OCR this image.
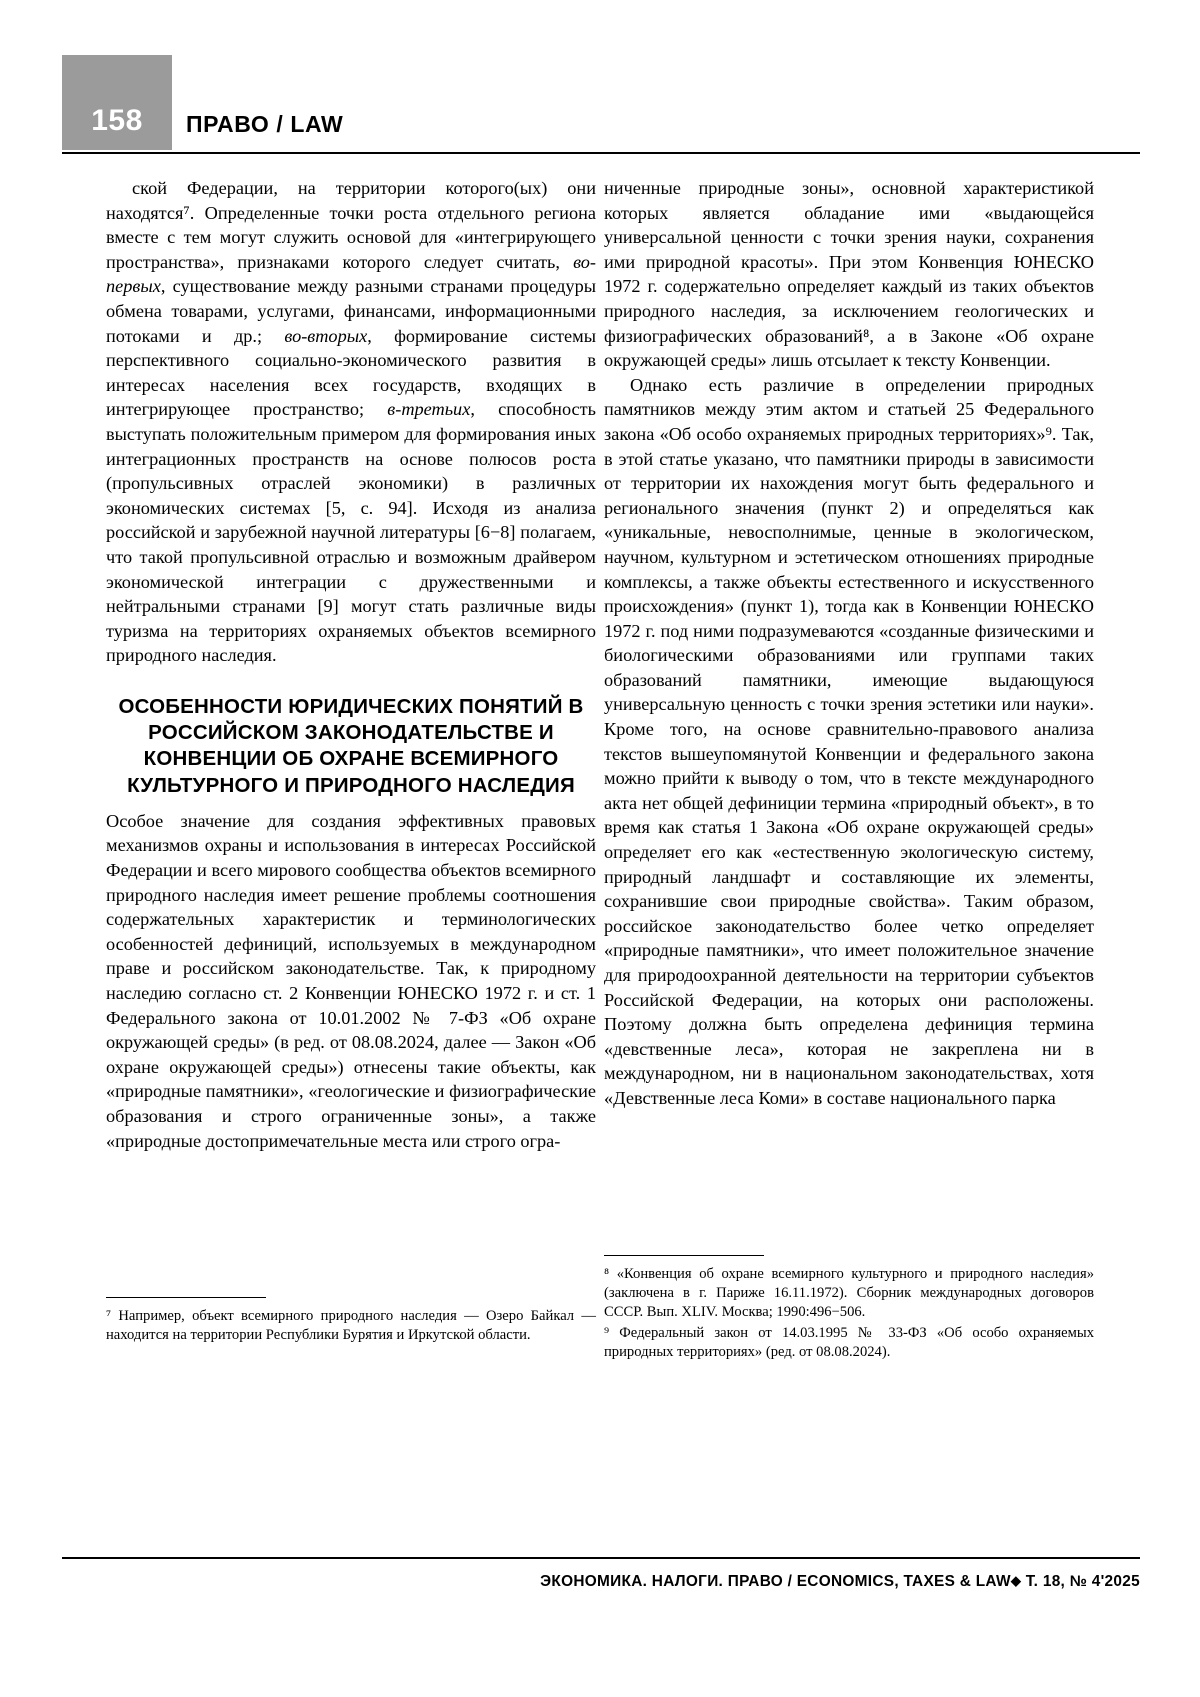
158	ПРАВО / LAW

ской Федерации, на территории которого(ых) они находятся⁷. Определенные точки роста отдельного региона вместе с тем могут служить основой для «интегрирующего пространства», признаками которого следует считать, во-первых, существование между разными странами процедуры обмена товарами, услугами, финансами, информационными потоками и др.; во-вторых, формирование системы перспективного социально-экономического развития в интересах населения всех государств, входящих в интегрирующее пространство; в-третьих, способность выступать положительным примером для формирования иных интеграционных пространств на основе полюсов роста (пропульсивных отраслей экономики) в различных экономических системах [5, с. 94]. Исходя из анализа российской и зарубежной научной литературы [6−8] полагаем, что такой пропульсивной отраслью и возможным драйвером экономической интеграции с дружественными и нейтральными странами [9] могут стать различные виды туризма на территориях охраняемых объектов всемирного природного наследия.

ОСОБЕННОСТИ ЮРИДИЧЕСКИХ ПОНЯТИЙ В РОССИЙСКОМ ЗАКОНОДАТЕЛЬСТВЕ И КОНВЕНЦИИ ОБ ОХРАНЕ ВСЕМИРНОГО КУЛЬТУРНОГО И ПРИРОДНОГО НАСЛЕДИЯ

Особое значение для создания эффективных правовых механизмов охраны и использования в интересах Российской Федерации и всего мирового сообщества объектов всемирного природного наследия имеет решение проблемы соотношения содержательных характеристик и терминологических особенностей дефиниций, используемых в международном праве и российском законодательстве. Так, к природному наследию согласно ст. 2 Конвенции ЮНЕСКО 1972 г. и ст. 1 Федерального закона от 10.01.2002 № 7-ФЗ «Об охране окружающей среды» (в ред. от 08.08.2024, далее — Закон «Об охране окружающей среды») отнесены такие объекты, как «природные памятники», «геологические и физиографические образования и строго ограниченные зоны», а также «природные достопримечательные места или строго огра-

ниченные природные зоны», основной характеристикой которых является обладание ими «выдающейся универсальной ценности с точки зрения науки, сохранения ими природной красоты». При этом Конвенция ЮНЕСКО 1972 г. содержательно определяет каждый из таких объектов природного наследия, за исключением геологических и физиографических образований⁸, а в Законе «Об охране окружающей среды» лишь отсылает к тексту Конвенции.

Однако есть различие в определении природных памятников между этим актом и статьей 25 Федерального закона «Об особо охраняемых природных территориях»⁹. Так, в этой статье указано, что памятники природы в зависимости от территории их нахождения могут быть федерального и регионального значения (пункт 2) и определяться как «уникальные, невосполнимые, ценные в экологическом, научном, культурном и эстетическом отношениях природные комплексы, а также объекты естественного и искусственного происхождения» (пункт 1), тогда как в Конвенции ЮНЕСКО 1972 г. под ними подразумеваются «созданные физическими и биологическими образованиями или группами таких образований памятники, имеющие выдающуюся универсальную ценность с точки зрения эстетики или науки». Кроме того, на основе сравнительно-правового анализа текстов вышеупомянутой Конвенции и федерального закона можно прийти к выводу о том, что в тексте международного акта нет общей дефиниции термина «природный объект», в то время как статья 1 Закона «Об охране окружающей среды» определяет его как «естественную экологическую систему, природный ландшафт и составляющие их элементы, сохранившие свои природные свойства». Таким образом, российское законодательство более четко определяет «природные памятники», что имеет положительное значение для природоохранной деятельности на территории субъектов Российской Федерации, на которых они расположены. Поэтому должна быть определена дефиниция термина «девственные леса», которая не закреплена ни в международном, ни в национальном законодательствах, хотя «Девственные леса Коми» в составе национального парка

⁷ Например, объект всемирного природного наследия — Озеро Байкал — находится на территории Республики Бурятия и Иркутской области.

⁸ «Конвенция об охране всемирного культурного и природного наследия» (заключена в г. Париже 16.11.1972). Сборник международных договоров СССР. Вып. XLIV. Москва; 1990:496−506.

⁹ Федеральный закон от 14.03.1995 № 33-ФЗ «Об особо охраняемых природных территориях» (ред. от 08.08.2024).

ЭКОНОМИКА. НАЛОГИ. ПРАВО / ECONOMICS, TAXES & LAW◆ Т. 18, № 4'2025
